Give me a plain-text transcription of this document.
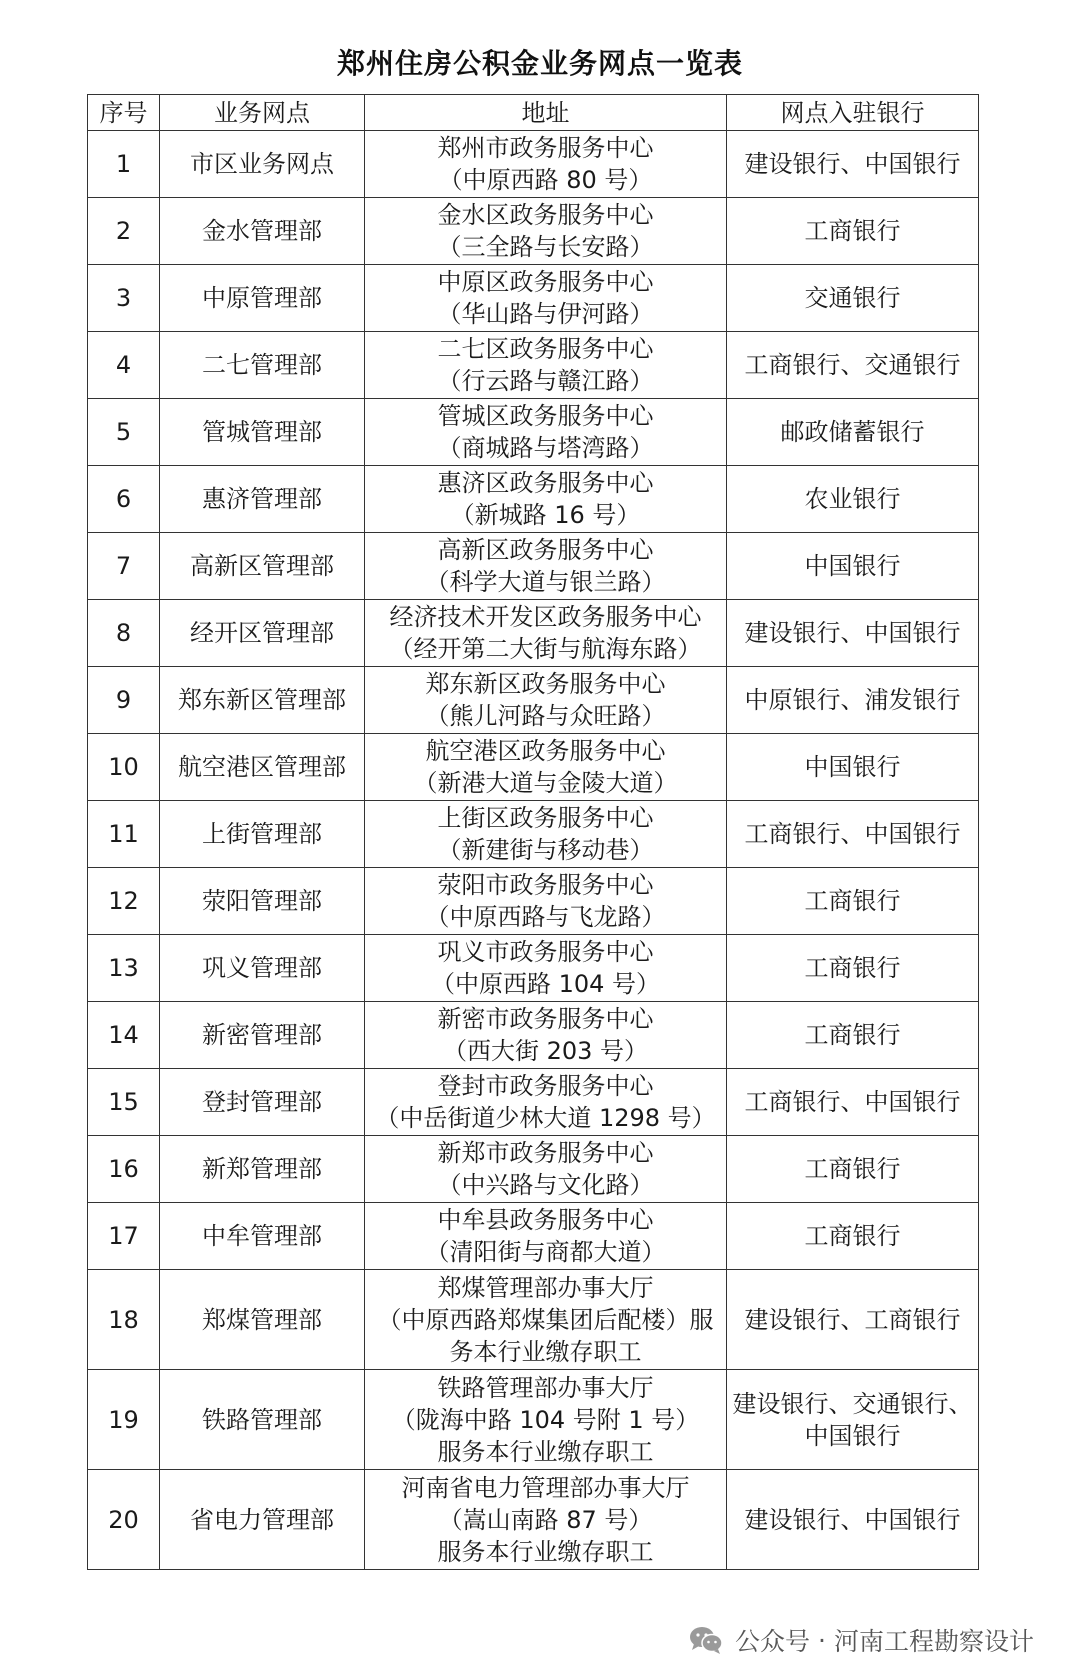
郑州住房公积金业务网点一览表
序号	业务网点	地址	网点入驻银行
1	市区业务网点	郑州市政务服务中心
（中原西路 80 号）	建设银行、中国银行

2	金水管理部	金水区政务服务中心
（三全路与长安路）	工商银行

3	中原管理部	中原区政务服务中心
（华山路与伊河路）	交通银行

4	二七管理部	二七区政务服务中心
（行云路与赣江路）	工商银行、交通银行

5	管城管理部	管城区政务服务中心
（商城路与塔湾路）	邮政储蓄银行

6	惠济管理部	惠济区政务服务中心
（新城路 16 号）	农业银行

7	高新区管理部	高新区政务服务中心
（科学大道与银兰路）	中国银行

8	经开区管理部	经济技术开发区政务服务中心
（经开第二大街与航海东路）	建设银行、中国银行

9	郑东新区管理部	郑东新区政务服务中心
（熊儿河路与众旺路）	中原银行、浦发银行

10	航空港区管理部	航空港区政务服务中心
（新港大道与金陵大道）	中国银行

11	上街管理部	上街区政务服务中心
（新建街与移动巷）	工商银行、中国银行

12	荥阳管理部	荥阳市政务服务中心
（中原西路与飞龙路）	工商银行

13	巩义管理部	巩义市政务服务中心
（中原西路 104 号）	工商银行

14	新密管理部	新密市政务服务中心
（西大街 203 号）	工商银行

15	登封管理部	登封市政务服务中心
（中岳街道少林大道 1298 号）	工商银行、中国银行

16	新郑管理部	新郑市政务服务中心
（中兴路与文化路）	工商银行

17	中牟管理部	中牟县政务服务中心
（清阳街与商都大道）	工商银行

18	郑煤管理部	郑煤管理部办事大厅
（中原西路郑煤集团后配楼）服
务本行业缴存职工	建设银行、工商银行

19	铁路管理部	铁路管理部办事大厅
（陇海中路 104 号附 1 号）
服务本行业缴存职工	建设银行、交通银行、
中国银行

20	省电力管理部	河南省电力管理部办事大厅
（嵩山南路 87 号）
服务本行业缴存职工	建设银行、中国银行
公众号 · 河南工程勘察设计
